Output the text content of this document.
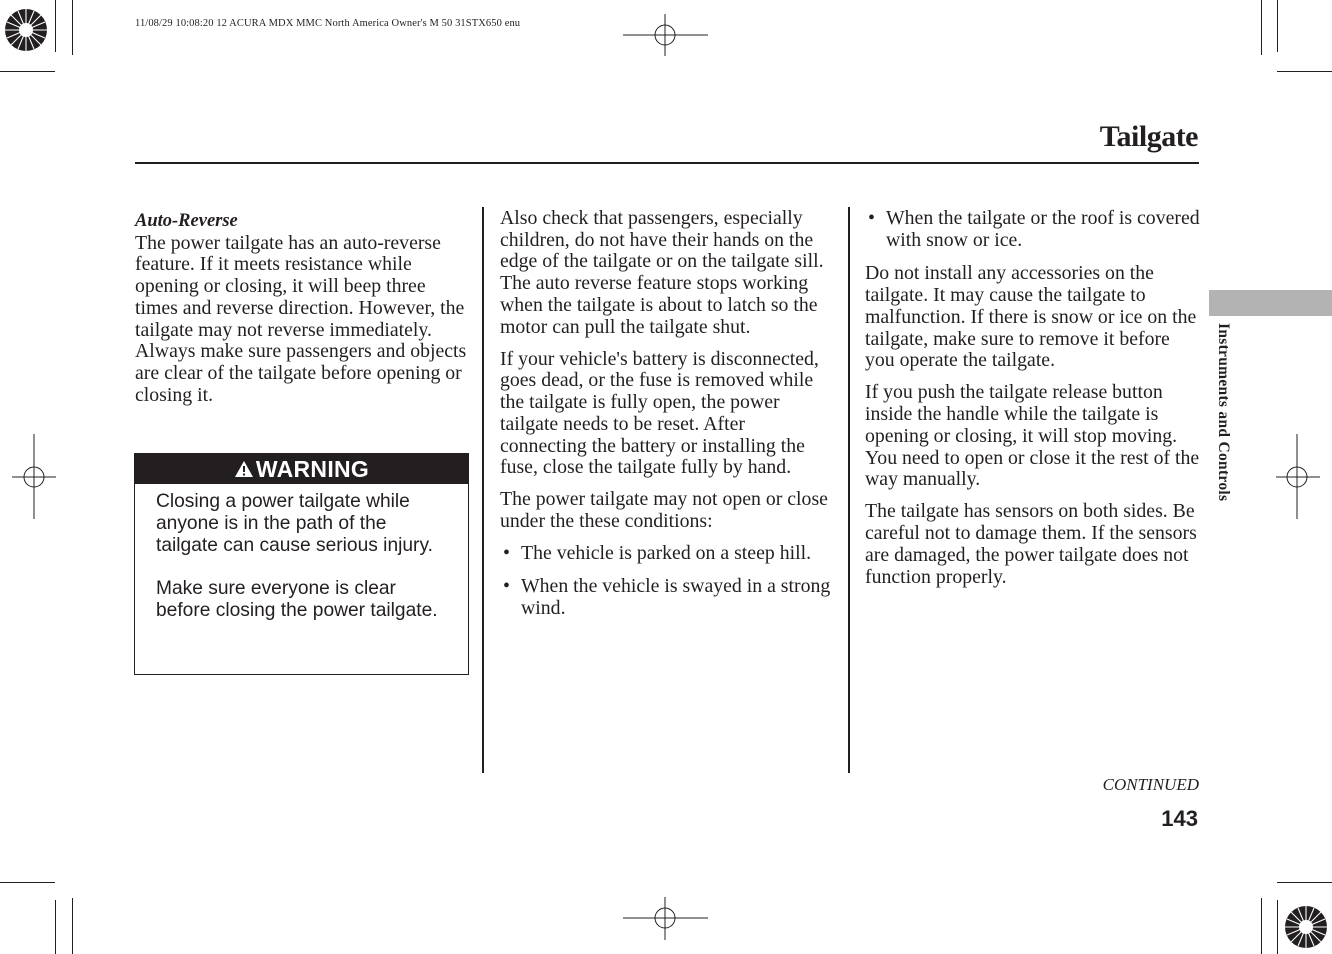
11/08/29 10:08:20 12 ACURA MDX MMC North America Owner's M 50 31STX650 enu
Tailgate
Instruments and Controls
Auto-Reverse

The power tailgate has an auto-reverse feature. If it meets resistance while opening or closing, it will beep three times and reverse direction. However, the tailgate may not reverse immediately. Always make sure passengers and objects are clear of the tailgate before opening or closing it.

WARNING

Closing a power tailgate while anyone is in the path of the tailgate can cause serious injury.

Make sure everyone is clear before closing the power tailgate.

Also check that passengers, especially children, do not have their hands on the edge of the tailgate or on the tailgate sill. The auto reverse feature stops working when the tailgate is about to latch so the motor can pull the tailgate shut.

If your vehicle's battery is disconnected, goes dead, or the fuse is removed while the tailgate is fully open, the power tailgate needs to be reset. After connecting the battery or installing the fuse, close the tailgate fully by hand.

The power tailgate may not open or close under the these conditions:

• The vehicle is parked on a steep hill.
• When the vehicle is swayed in a strong wind.
• When the tailgate or the roof is covered with snow or ice.

Do not install any accessories on the tailgate. It may cause the tailgate to malfunction. If there is snow or ice on the tailgate, make sure to remove it before you operate the tailgate.

If you push the tailgate release button inside the handle while the tailgate is opening or closing, it will stop moving. You need to open or close it the rest of the way manually.

The tailgate has sensors on both sides. Be careful not to damage them. If the sensors are damaged, the power tailgate does not function properly.

CONTINUED
143
